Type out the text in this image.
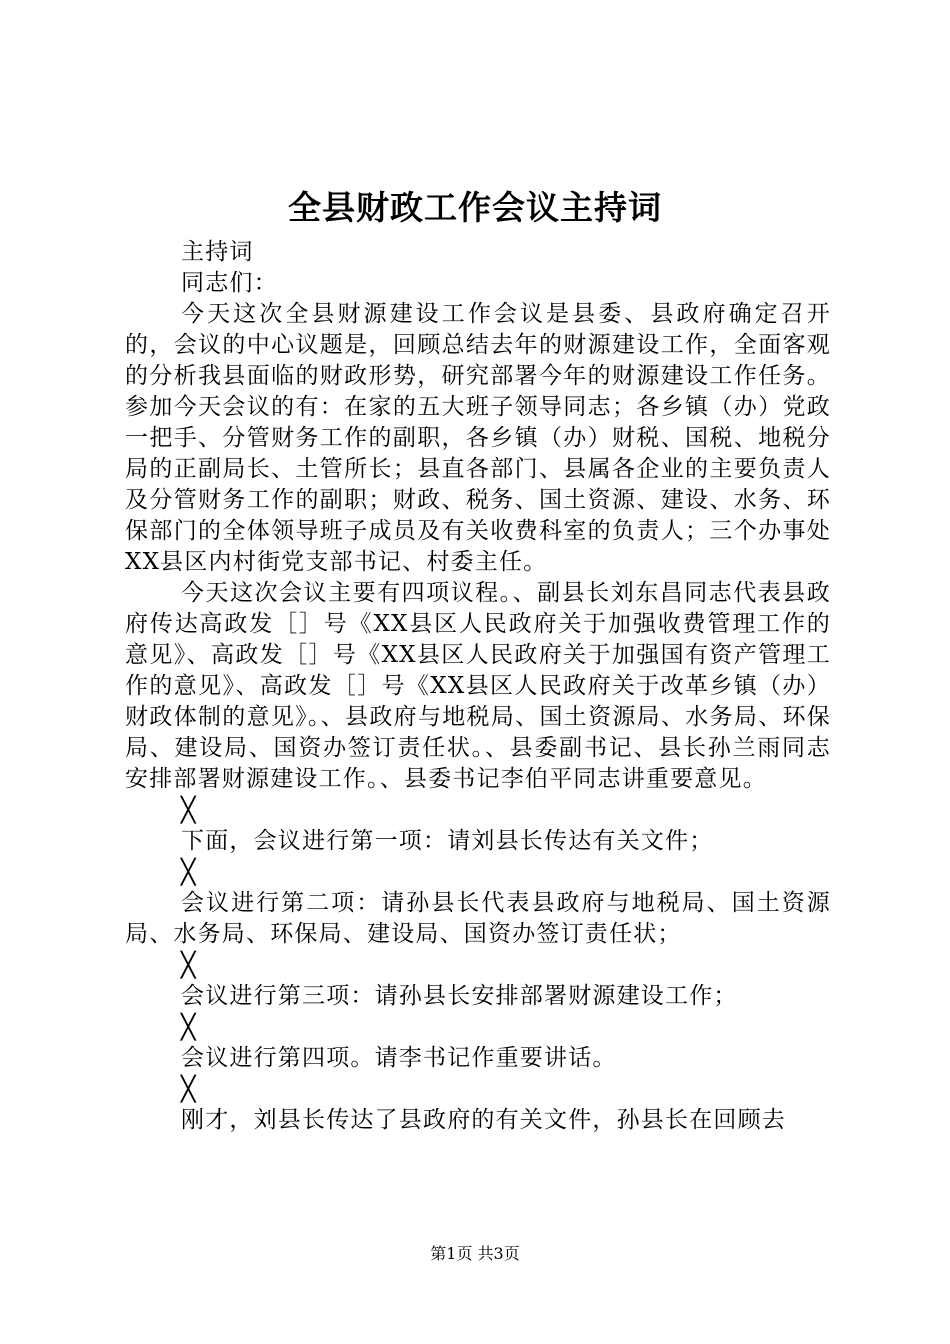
全县财政工作会议主持词

主持词

同志们：

今天这次全县财源建设工作会议是县委、县政府确定召开的，会议的中心议题是，回顾总结去年的财源建设工作，全面客观的分析我县面临的财政形势，研究部署今年的财源建设工作任务。参加今天会议的有：在家的五大班子领导同志；各乡镇（办）党政一把手、分管财务工作的副职，各乡镇（办）财税、国税、地税分局的正副局长、土管所长；县直各部门、县属各企业的主要负责人及分管财务工作的副职；财政、税务、国土资源、建设、水务、环保部门的全体领导班子成员及有关收费科室的负责人；三个办事处XX县区内村街党支部书记、村委主任。

今天这次会议主要有四项议程。、副县长刘东昌同志代表县政府传达高政发［］号《XX县区人民政府关于加强收费管理工作的意见》、高政发［］号《XX县区人民政府关于加强国有资产管理工作的意见》、高政发［］号《XX县区人民政府关于改革乡镇（办）财政体制的意见》。、县政府与地税局、国土资源局、水务局、环保局、建设局、国资办签订责任状。、县委副书记、县长孙兰雨同志安排部署财源建设工作。、县委书记李伯平同志讲重要意见。

╳

下面，会议进行第一项：请刘县长传达有关文件；

╳

会议进行第二项：请孙县长代表县政府与地税局、国土资源局、水务局、环保局、建设局、国资办签订责任状；

╳

会议进行第三项：请孙县长安排部署财源建设工作；

╳

会议进行第四项。请李书记作重要讲话。

╳

刚才，刘县长传达了县政府的有关文件，孙县长在回顾去

第1页 共3页
